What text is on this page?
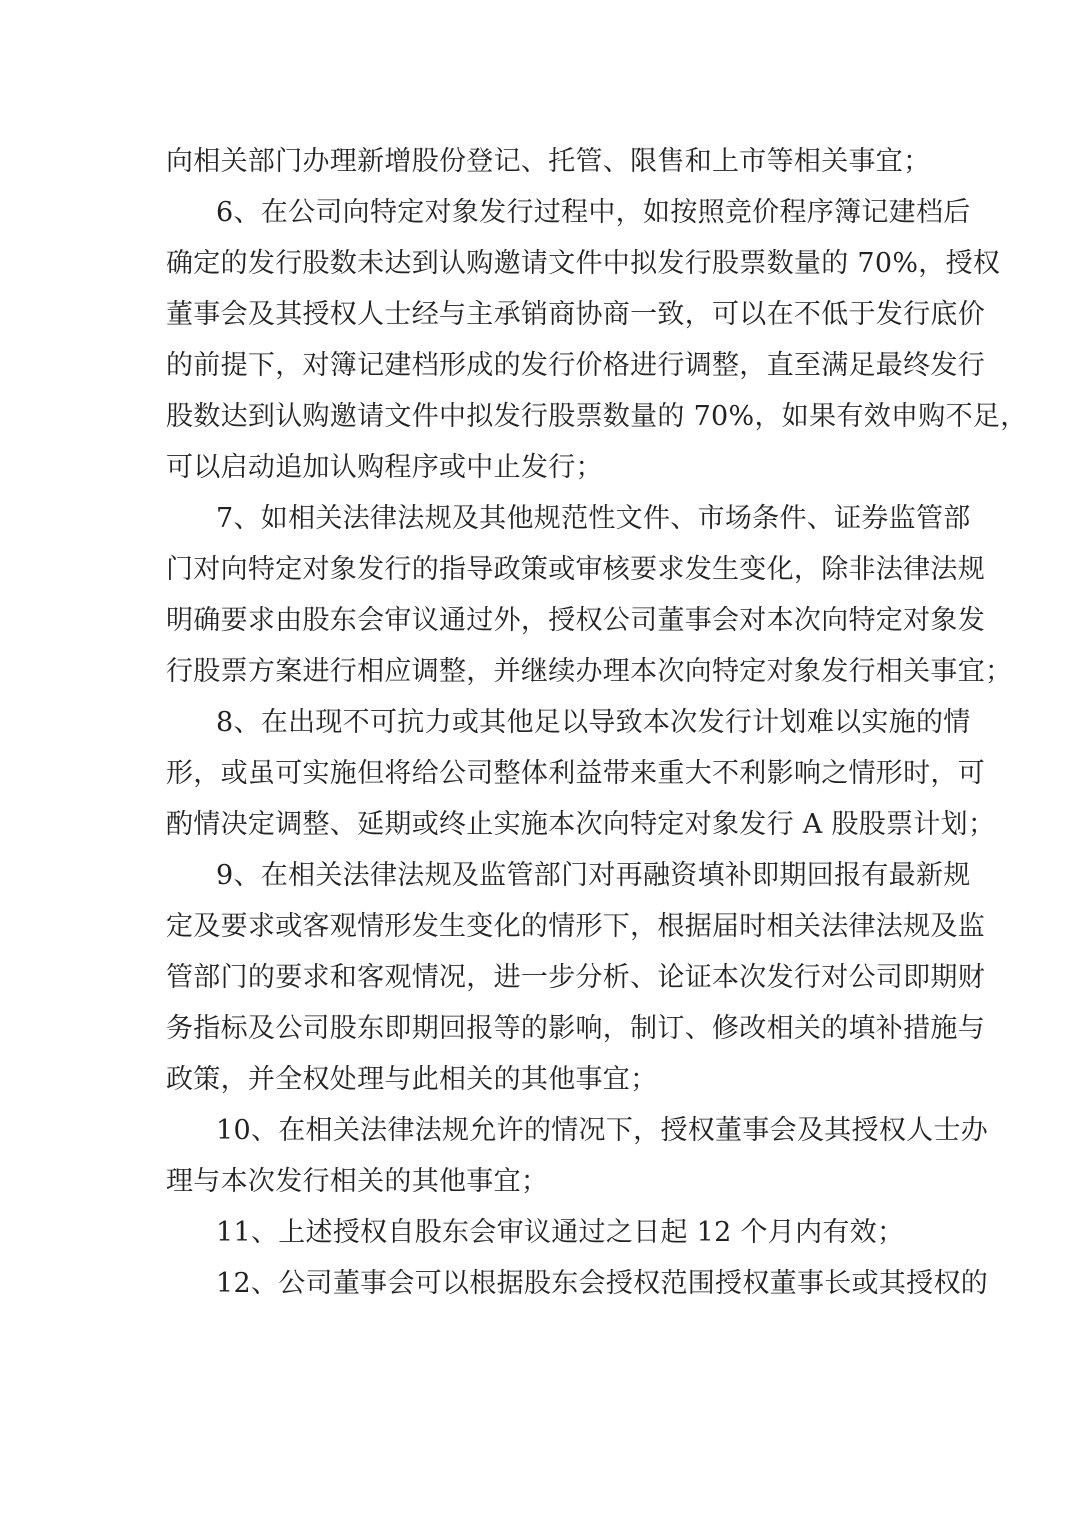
向相关部门办理新增股份登记、托管、限售和上市等相关事宜；
6、在公司向特定对象发行过程中，如按照竞价程序簿记建档后
确定的发行股数未达到认购邀请文件中拟发行股票数量的 70%，授权
董事会及其授权人士经与主承销商协商一致，可以在不低于发行底价
的前提下，对簿记建档形成的发行价格进行调整，直至满足最终发行
股数达到认购邀请文件中拟发行股票数量的 70%，如果有效申购不足，
可以启动追加认购程序或中止发行；
7、如相关法律法规及其他规范性文件、市场条件、证券监管部
门对向特定对象发行的指导政策或审核要求发生变化，除非法律法规
明确要求由股东会审议通过外，授权公司董事会对本次向特定对象发
行股票方案进行相应调整，并继续办理本次向特定对象发行相关事宜；
8、在出现不可抗力或其他足以导致本次发行计划难以实施的情
形，或虽可实施但将给公司整体利益带来重大不利影响之情形时，可
酌情决定调整、延期或终止实施本次向特定对象发行 A 股股票计划；
9、在相关法律法规及监管部门对再融资填补即期回报有最新规
定及要求或客观情形发生变化的情形下，根据届时相关法律法规及监
管部门的要求和客观情况，进一步分析、论证本次发行对公司即期财
务指标及公司股东即期回报等的影响，制订、修改相关的填补措施与
政策，并全权处理与此相关的其他事宜；
10、在相关法律法规允许的情况下，授权董事会及其授权人士办
理与本次发行相关的其他事宜；
11、上述授权自股东会审议通过之日起 12 个月内有效；
12、公司董事会可以根据股东会授权范围授权董事长或其授权的
